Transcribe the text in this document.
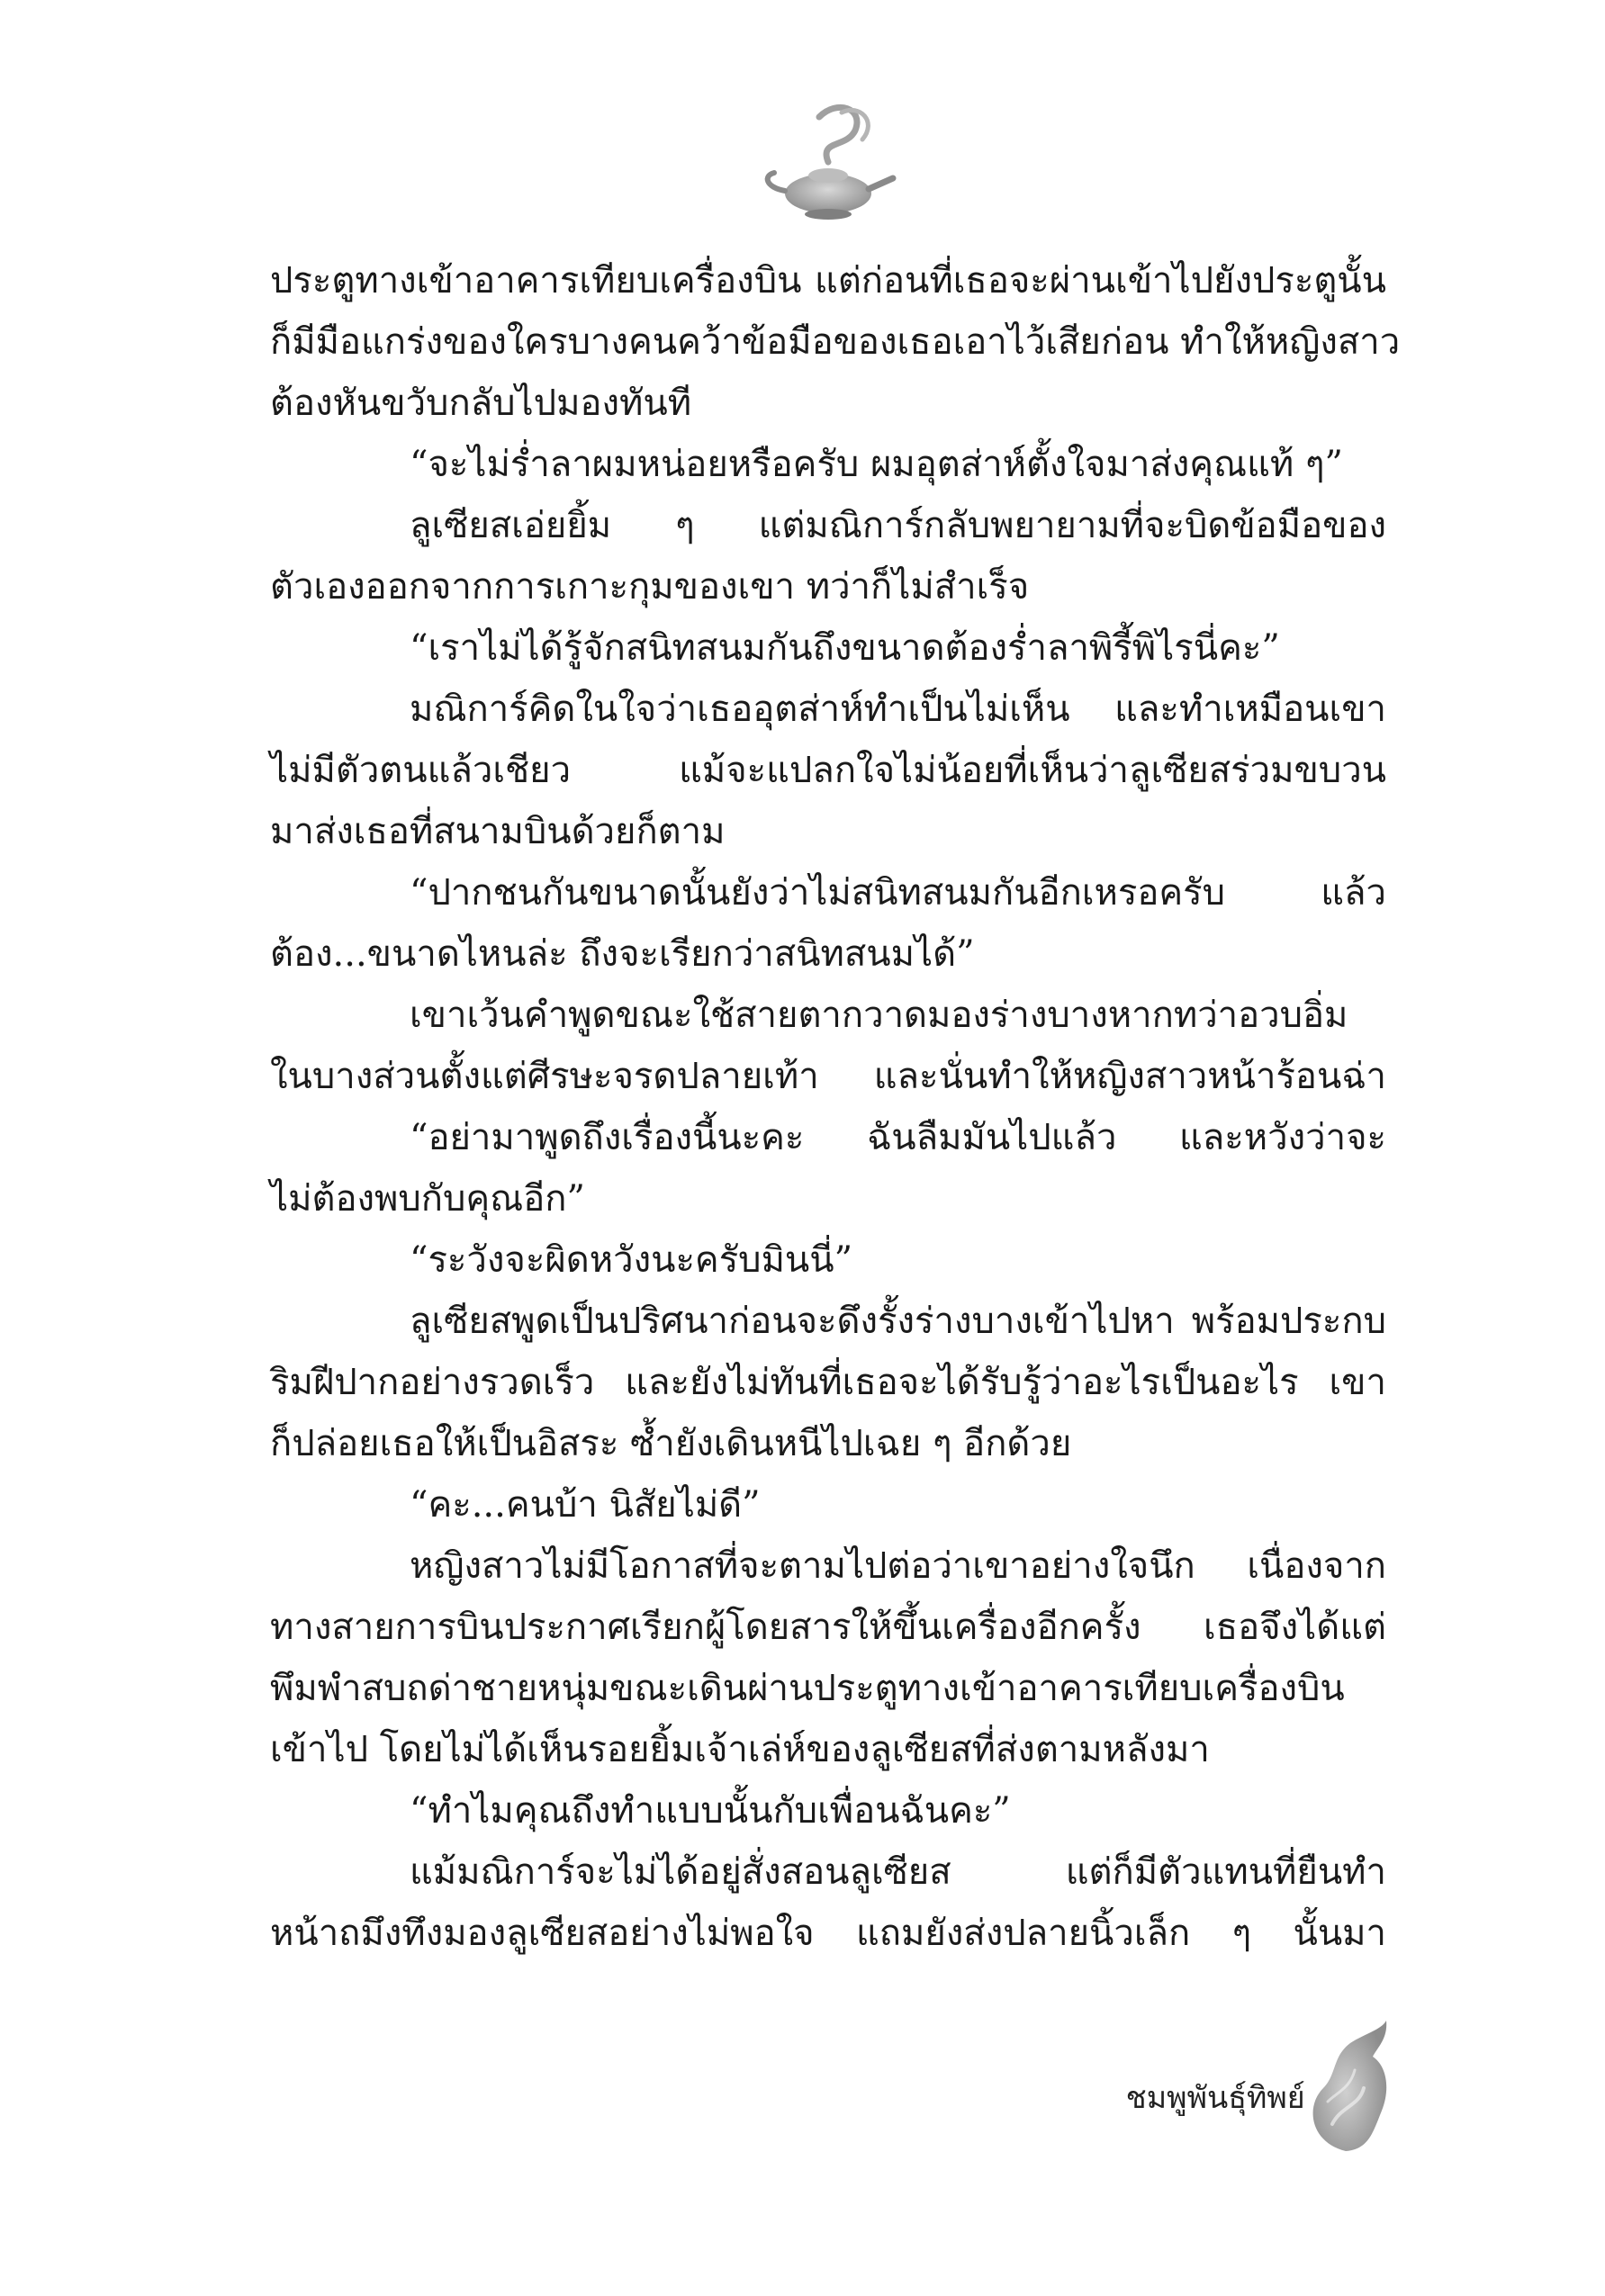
ประตูทางเข้าอาคารเทียบเครื่องบิน แต่ก่อนที่เธอจะผ่านเข้าไปยังประตูนั้น
ก็มีมือแกร่งของใครบางคนคว้าข้อมือของเธอเอาไว้เสียก่อน ทำให้หญิงสาว
ต้องหันขวับกลับไปมองทันที
“จะไม่ร่ำลาผมหน่อยหรือครับ ผมอุตส่าห์ตั้งใจมาส่งคุณแท้ ๆ”
ลูเซียสเอ่ยยิ้ม ๆ แต่มณิการ์กลับพยายามที่จะบิดข้อมือของ
ตัวเองออกจากการเกาะกุมของเขา ทว่าก็ไม่สำเร็จ
“เราไม่ได้รู้จักสนิทสนมกันถึงขนาดต้องร่ำลาพิรี้พิไรนี่คะ”
มณิการ์คิดในใจว่าเธออุตส่าห์ทำเป็นไม่เห็น และทำเหมือนเขา
ไม่มีตัวตนแล้วเชียว แม้จะแปลกใจไม่น้อยที่เห็นว่าลูเซียสร่วมขบวน
มาส่งเธอที่สนามบินด้วยก็ตาม
“ปากชนกันขนาดนั้นยังว่าไม่สนิทสนมกันอีกเหรอครับ แล้ว
ต้อง...ขนาดไหนล่ะ ถึงจะเรียกว่าสนิทสนมได้”
เขาเว้นคำพูดขณะใช้สายตากวาดมองร่างบางหากทว่าอวบอิ่ม
ในบางส่วนตั้งแต่ศีรษะจรดปลายเท้า และนั่นทำให้หญิงสาวหน้าร้อนฉ่า
“อย่ามาพูดถึงเรื่องนี้นะคะ ฉันลืมมันไปแล้ว และหวังว่าจะ
ไม่ต้องพบกับคุณอีก”
“ระวังจะผิดหวังนะครับมินนี่”
ลูเซียสพูดเป็นปริศนาก่อนจะดึงรั้งร่างบางเข้าไปหา พร้อมประกบ
ริมฝีปากอย่างรวดเร็ว และยังไม่ทันที่เธอจะได้รับรู้ว่าอะไรเป็นอะไร เขา
ก็ปล่อยเธอให้เป็นอิสระ ซ้ำยังเดินหนีไปเฉย ๆ อีกด้วย
“คะ...คนบ้า นิสัยไม่ดี”
หญิงสาวไม่มีโอกาสที่จะตามไปต่อว่าเขาอย่างใจนึก เนื่องจาก
ทางสายการบินประกาศเรียกผู้โดยสารให้ขึ้นเครื่องอีกครั้ง เธอจึงได้แต่
พึมพำสบถด่าชายหนุ่มขณะเดินผ่านประตูทางเข้าอาคารเทียบเครื่องบิน
เข้าไป โดยไม่ได้เห็นรอยยิ้มเจ้าเล่ห์ของลูเซียสที่ส่งตามหลังมา
“ทำไมคุณถึงทำแบบนั้นกับเพื่อนฉันคะ”
แม้มณิการ์จะไม่ได้อยู่สั่งสอนลูเซียส แต่ก็มีตัวแทนที่ยืนทำ
หน้าถมึงทึงมองลูเซียสอย่างไม่พอใจ แถมยังส่งปลายนิ้วเล็ก ๆ นั้นมา
ชมพูพันธุ์ทิพย์
